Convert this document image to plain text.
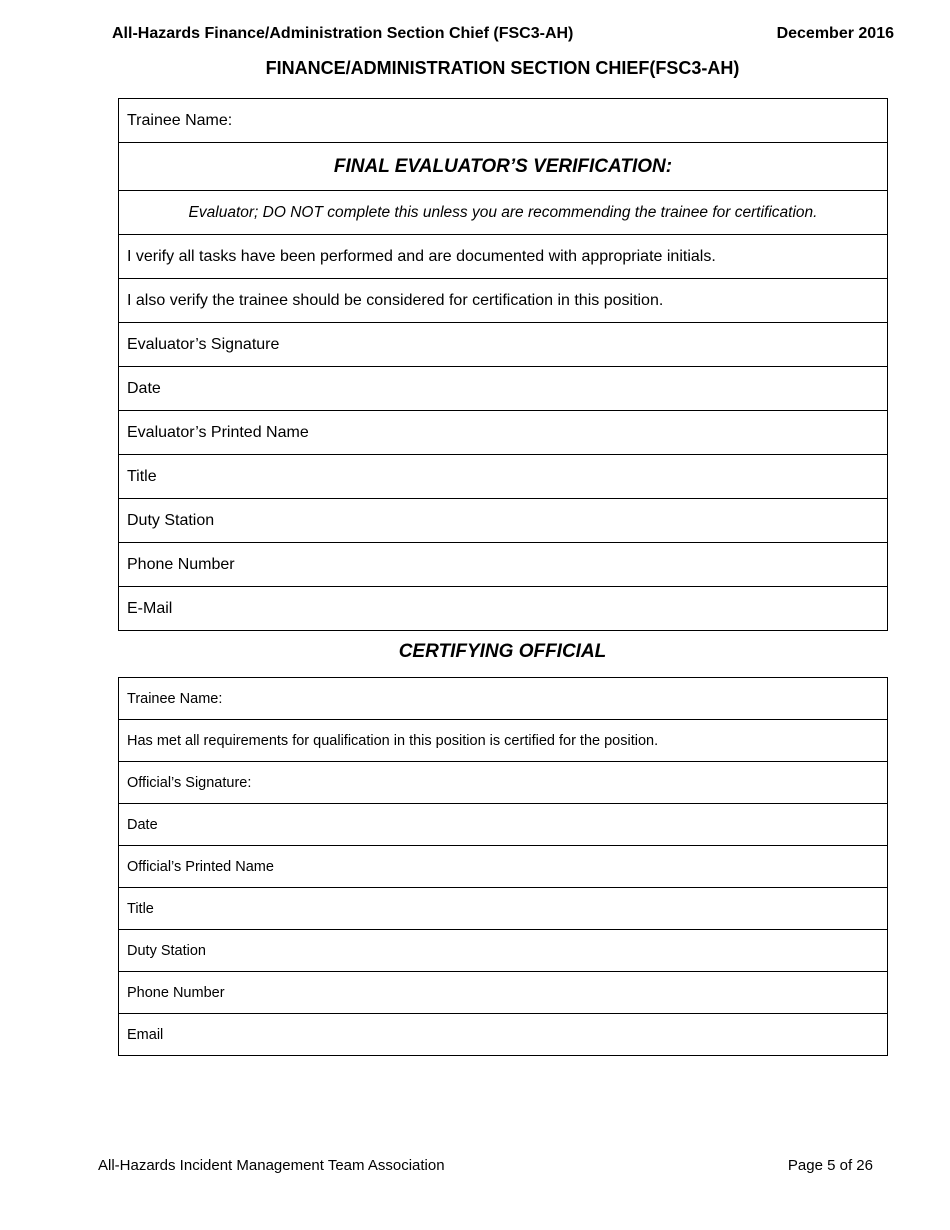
All-Hazards Finance/Administration Section Chief (FSC3-AH)	December 2016
FINANCE/ADMINISTRATION SECTION CHIEF(FSC3-AH)
Trainee Name:
FINAL EVALUATOR’S VERIFICATION:
Evaluator; DO NOT complete this unless you are recommending the trainee for certification.
I verify all tasks have been performed and are documented with appropriate initials.
I also verify the trainee should be considered for certification in this position.
Evaluator’s Signature
Date
Evaluator’s Printed Name
Title
Duty Station
Phone Number
E-Mail
CERTIFYING OFFICIAL
Trainee Name:
Has met all requirements for qualification in this position is certified for the position.
Official’s Signature:
Date
Official’s Printed Name
Title
Duty Station
Phone Number
Email
All-Hazards Incident Management Team Association	Page 5 of 26
